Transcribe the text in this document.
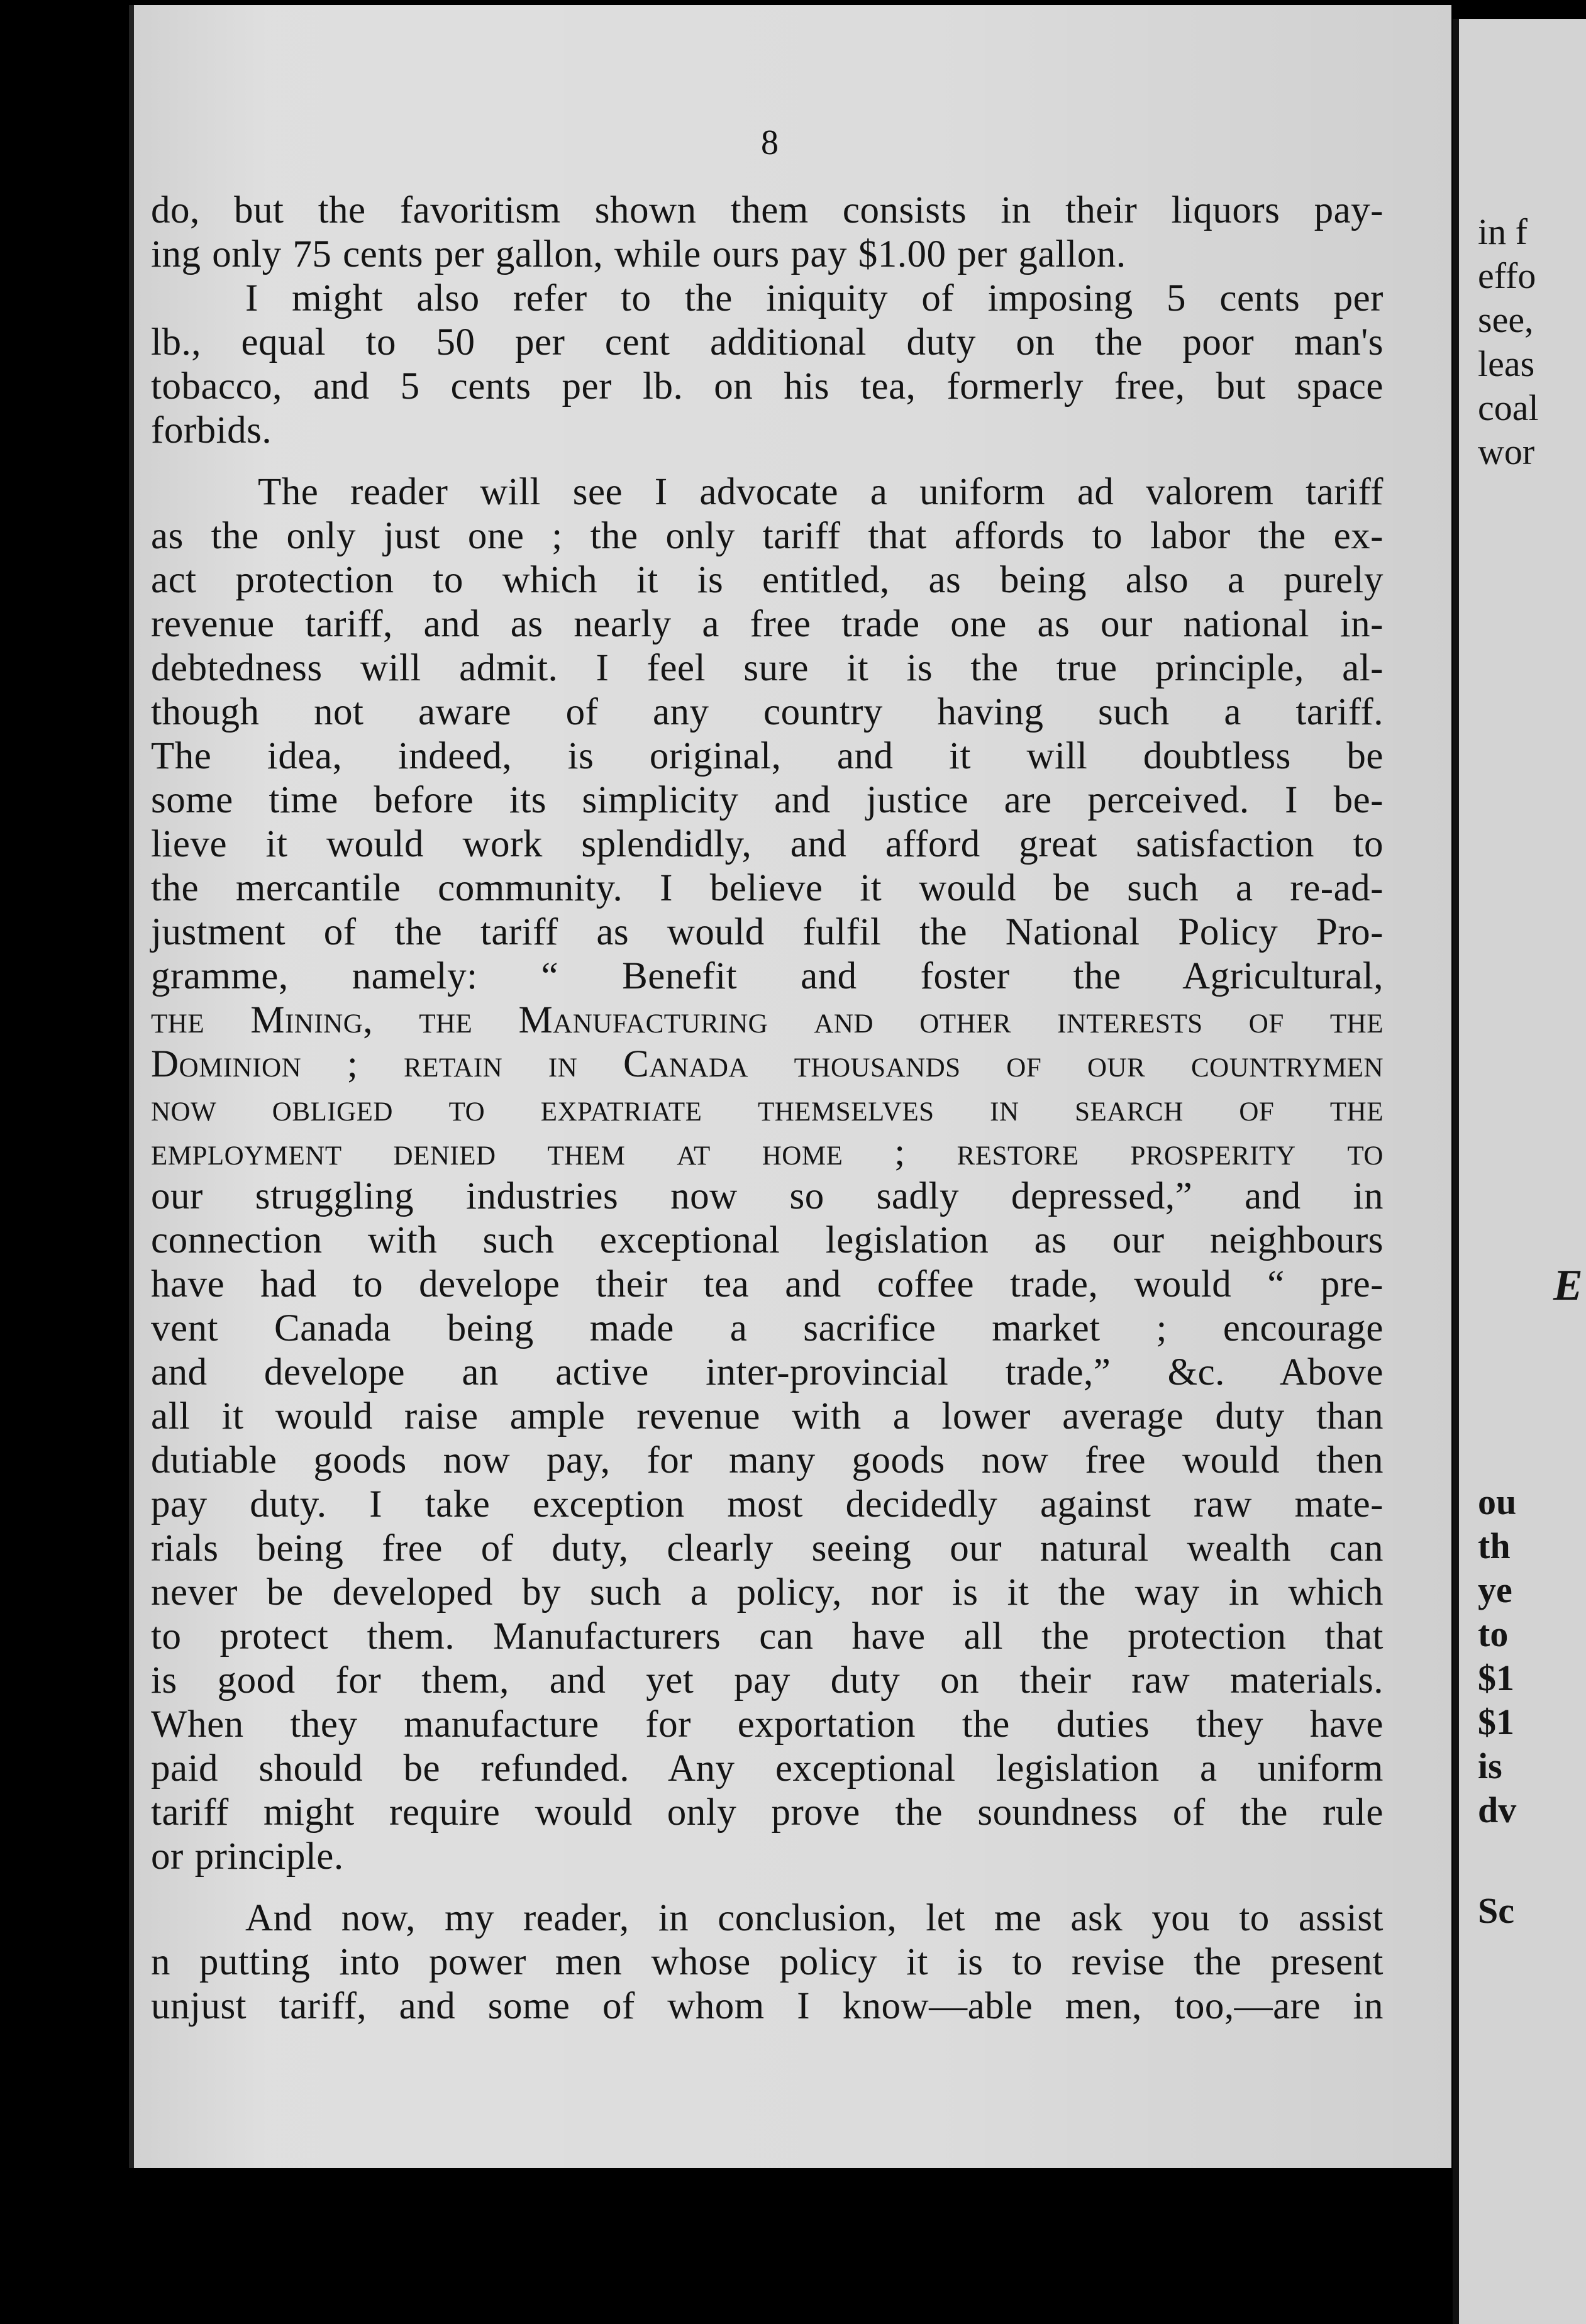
in f
effo
see,
leas
coal
wor
E
ou
th
ye
to
$1
$1
is
dv
Sc
8
do, but the favoritism shown them consists in their liquors pay-
ing only 75 cents per gallon, while ours pay $1.00 per gallon.
I might also refer to the iniquity of imposing 5 cents per
lb., equal to 50 per cent additional duty on the poor man's
tobacco, and 5 cents per lb. on his tea, formerly free, but space
forbids.
The reader will see I advocate a uniform ad valorem tariff
as the only just one ; the only tariff that affords to labor the ex-
act protection to which it is entitled, as being also a purely
revenue tariff, and as nearly a free trade one as our national in-
debtedness will admit. I feel sure it is the true principle, al-
though not aware of any country having such a tariff.
The idea, indeed, is original, and it will doubtless be
some time before its simplicity and justice are perceived. I be-
lieve it would work splendidly, and afford great satisfaction to
the mercantile community. I believe it would be such a re-ad-
justment of the tariff as would fulfil the National Policy Pro-
gramme, namely: “ Benefit and foster the Agricultural,
the Mining, the Manufacturing and other interests of the
Dominion ; retain in Canada thousands of our countrymen
now obliged to expatriate themselves in search of the
employment denied them at home ; restore prosperity to
our struggling industries now so sadly depressed,” and in
connection with such exceptional legislation as our neighbours
have had to develope their tea and coffee trade, would “ pre-
vent Canada being made a sacrifice market ; encourage
and develope an active inter-provincial trade,” &c. Above
all it would raise ample revenue with a lower average duty than
dutiable goods now pay, for many goods now free would then
pay duty. I take exception most decidedly against raw mate-
rials being free of duty, clearly seeing our natural wealth can
never be developed by such a policy, nor is it the way in which
to protect them. Manufacturers can have all the protection that
is good for them, and yet pay duty on their raw materials.
When they manufacture for exportation the duties they have
paid should be refunded. Any exceptional legislation a uniform
tariff might require would only prove the soundness of the rule
or principle.
And now, my reader, in conclusion, let me ask you to assist
n putting into power men whose policy it is to revise the present
unjust tariff, and some of whom I know—able men, too,—are in
